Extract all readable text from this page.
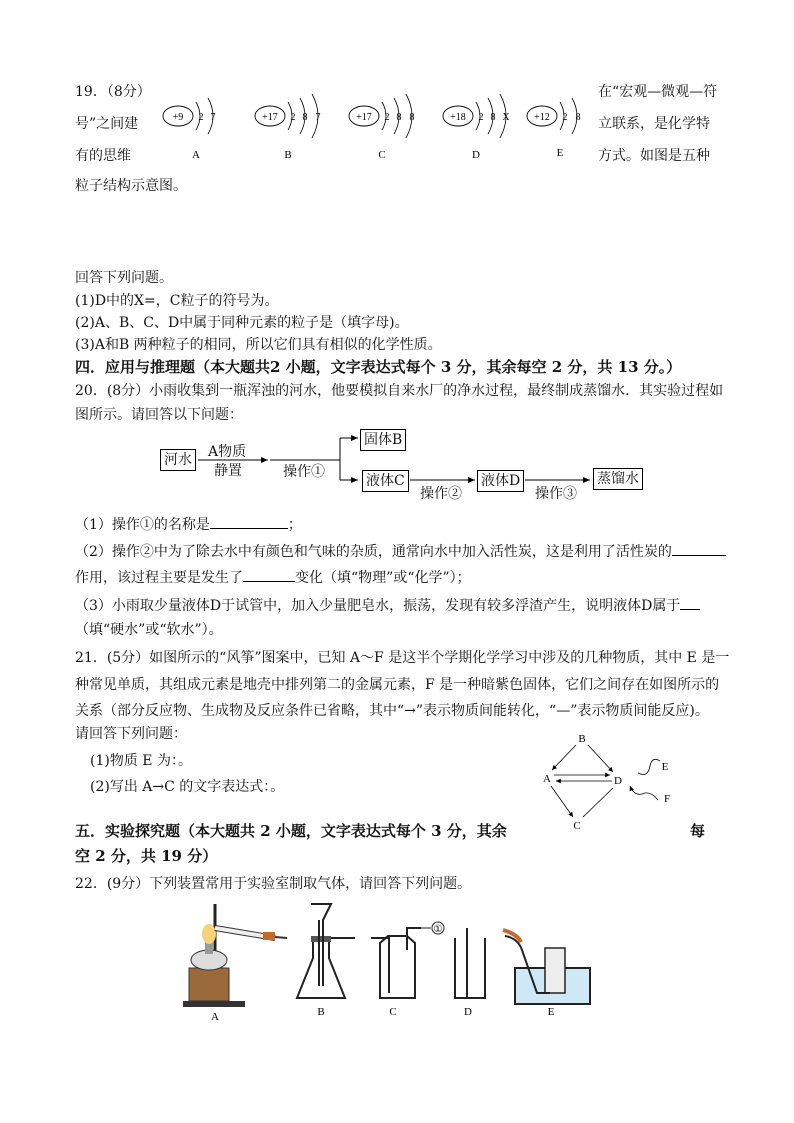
19．（8分）
号”之间建
有的思维
在“宏观—微观—符
立联系，是化学特
方式。如图是五种
粒子结构示意图。
+9 2 7
A
+17 2 8 7
B
+17 2 8 8
C
+18 2 8 X
D
+12 2 8
E
回答下列问题。
(1)D中的X=，C粒子的符号为。
(2)A、B、C、D中属于同种元素的粒子是（填字母)。
(3)A和B 两种粒子的相同，所以它们具有相似的化学性质。
四．应用与推理题（本大题共2 小题，文字表达式每个 3 分，其余每空 2 分，共 13 分。）
20．(8分）小雨收集到一瓶浑浊的河水，他要模拟自来水厂的净水过程，最终制成蒸馏水．其实验过程如
图所示。请回答以下问题：
河水 A物质
静置	操作①
固体B
液体C
操作②
液体D
操作③
蒸馏水
（1）操作①的名称是	；
（2）操作②中为了除去水中有颜色和气味的杂质，通常向水中加入活性炭，这是利用了活性炭的
作用，该过程主要是发生了	变化（填“物理”或“化学”）；
（3）小雨取少量液体D于试管中，加入少量肥皂水，振荡，发现有较多浮渣产生，说明液体D属于
（填“硬水”或“软水”）。
21．(5分）如图所示的“风筝”图案中，已知 A～F 是这半个学期化学学习中涉及的几种物质，其中 E 是一
种常见单质，其组成元素是地壳中排列第二的金属元素，F 是一种暗紫色固体，它们之间存在如图所示的
关系（部分反应物、生成物及反应条件已省略，其中“→”表示物质间能转化，“—”表示物质间能反应)。
请回答下列问题：
(1)物质 E 为：。
(2)写出 A→C 的文字表达式：。
B
A	D
C
E
F
五．实验探究题（本大题共 2 小题，文字表达式每个 3 分，其余	每
空 2 分，共 19 分）
22．(9分）下列装置常用于实验室制取气体，请回答下列问题。
A	B
①
C	D	E
